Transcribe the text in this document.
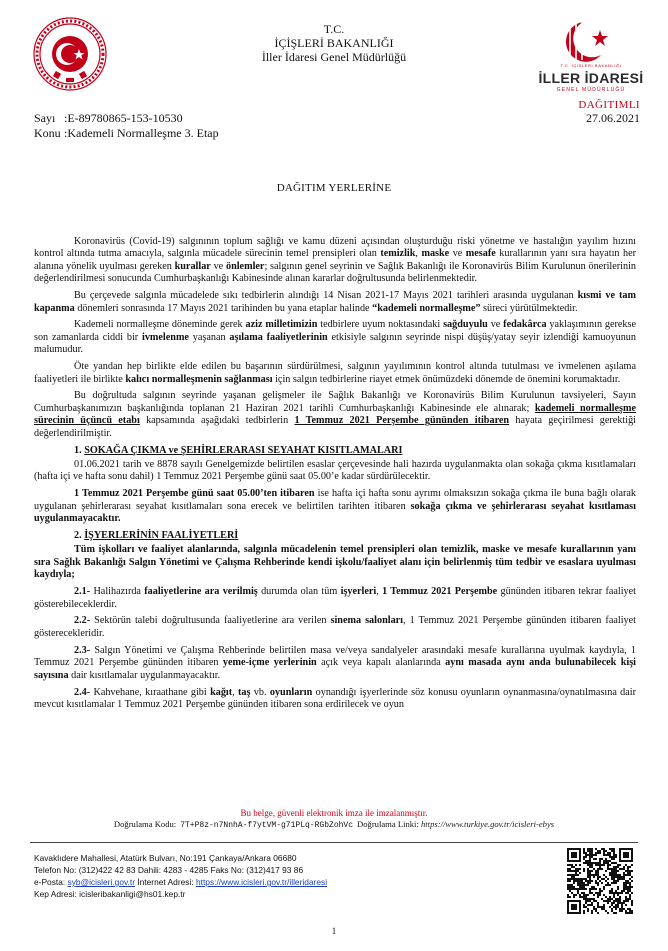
T.C.
İÇİŞLERİ BAKANLIĞI
İller İdaresi Genel Müdürlüğü
T.C. İÇİŞLERİ BAKANLIĞI
İLLER İDARESİ
GENEL MÜDÜRLÜĞÜ
DAĞITIMLI
Sayı :E-89780865-153-10530
Konu :Kademeli Normalleşme 3. Etap
27.06.2021
DAĞITIM YERLERİNE

Koronavirüs (Covid-19) salgınının toplum sağlığı ve kamu düzeni açısından oluşturduğu riski yönetme ve hastalığın yayılım hızını kontrol altında tutma amacıyla, salgınla mücadele sürecinin temel prensipleri olan temizlik, maske ve mesafe kurallarının yanı sıra hayatın her alanına yönelik uyulması gereken kurallar ve önlemler; salgının genel seyrinin ve Sağlık Bakanlığı ile Koronavirüs Bilim Kurulunun önerilerinin değerlendirilmesi sonucunda Cumhurbaşkanlığı Kabinesinde alınan kararlar doğrultusunda belirlenmektedir.

Bu çerçevede salgınla mücadelede sıkı tedbirlerin alındığı 14 Nisan 2021-17 Mayıs 2021 tarihleri arasında uygulanan kısmi ve tam kapanma dönemleri sonrasında 17 Mayıs 2021 tarihinden bu yana etaplar halinde “kademeli normalleşme” süreci yürütülmektedir.

Kademeli normalleşme döneminde gerek aziz milletimizin tedbirlere uyum noktasındaki sağduyulu ve fedakârca yaklaşımının gerekse son zamanlarda ciddi bir ivmelenme yaşanan aşılama faaliyetlerinin etkisiyle salgının seyrinde nispi düşüş/yatay seyir izlendiği kamuoyunun malumudur.

Öte yandan hep birlikte elde edilen bu başarının sürdürülmesi, salgının yayılımının kontrol altında tutulması ve ivmelenen aşılama faaliyetleri ile birlikte kalıcı normalleşmenin sağlanması için salgın tedbirlerine riayet etmek önümüzdeki dönemde de önemini korumaktadır.

Bu doğrultuda salgının seyrinde yaşanan gelişmeler ile Sağlık Bakanlığı ve Koronavirüs Bilim Kurulunun tavsiyeleri, Sayın Cumhurbaşkanımızın başkanlığında toplanan 21 Haziran 2021 tarihli Cumhurbaşkanlığı Kabinesinde ele alınarak; kademeli normalleşme sürecinin üçüncü etabı kapsamında aşağıdaki tedbirlerin 1 Temmuz 2021 Perşembe gününden itibaren hayata geçirilmesi gerektiği değerlendirilmiştir.

1. SOKAĞA ÇIKMA ve ŞEHİRLERARASI SEYAHAT KISITLAMALARI

01.06.2021 tarih ve 8878 sayılı Genelgemizde belirtilen esaslar çerçevesinde hali hazırda uygulanmakta olan sokağa çıkma kısıtlamaları (hafta içi ve hafta sonu dahil) 1 Temmuz 2021 Perşembe günü saat 05.00’e kadar sürdürülecektir.

1 Temmuz 2021 Perşembe günü saat 05.00’ten itibaren ise hafta içi hafta sonu ayrımı olmaksızın sokağa çıkma ile buna bağlı olarak uygulanan şehirlerarası seyahat kısıtlamaları sona erecek ve belirtilen tarihten itibaren sokağa çıkma ve şehirlerarası seyahat kısıtlaması uygulanmayacaktır.

2. İŞYERLERİNİN FAALİYETLERİ

Tüm işkolları ve faaliyet alanlarında, salgınla mücadelenin temel prensipleri olan temizlik, maske ve mesafe kurallarının yanı sıra Sağlık Bakanlığı Salgın Yönetimi ve Çalışma Rehberinde kendi işkolu/faaliyet alanı için belirlenmiş tüm tedbir ve esaslara uyulması kaydıyla;

2.1- Halihazırda faaliyetlerine ara verilmiş durumda olan tüm işyerleri, 1 Temmuz 2021 Perşembe gününden itibaren tekrar faaliyet gösterebileceklerdir.

2.2- Sektörün talebi doğrultusunda faaliyetlerine ara verilen sinema salonları, 1 Temmuz 2021 Perşembe gününden itibaren faaliyet gösterecekleridir.

2.3- Salgın Yönetimi ve Çalışma Rehberinde belirtilen masa ve/veya sandalyeler arasındaki mesafe kurallarına uyulmak kaydıyla, 1 Temmuz 2021 Perşembe gününden itibaren yeme-içme yerlerinin açık veya kapalı alanlarında aynı masada aynı anda bulunabilecek kişi sayısına dair kısıtlamalar uygulanmayacaktır.

2.4- Kahvehane, kıraathane gibi kağıt, taş vb. oyunların oynandığı işyerlerinde söz konusu oyunların oynanmasına/oynatılmasına dair mevcut kısıtlamalar 1 Temmuz 2021 Perşembe gününden itibaren sona erdirilecek ve oyun

Bu belge, güvenli elektronik imza ile imzalanmıştır.
Doğrulama Kodu: 7T+P8z-n7NnhA-f7ytVM-g71PLq-RGbZohVc Doğrulama Linki: https://www.turkiye.gov.tr/icisleri-ebys
Kavaklıdere Mahallesi, Atatürk Bulvarı, No:191 Çankaya/Ankara 06680
Telefon No: (312)422 42 83 Dahili: 4283 - 4285 Faks No: (312)417 93 86
e-Posta: syb@icisleri.gov.tr İnternet Adresi: https://www.icisleri.gov.tr/illeridaresi
Kep Adresi: icisleribakanligi@hs01.kep.tr
1
